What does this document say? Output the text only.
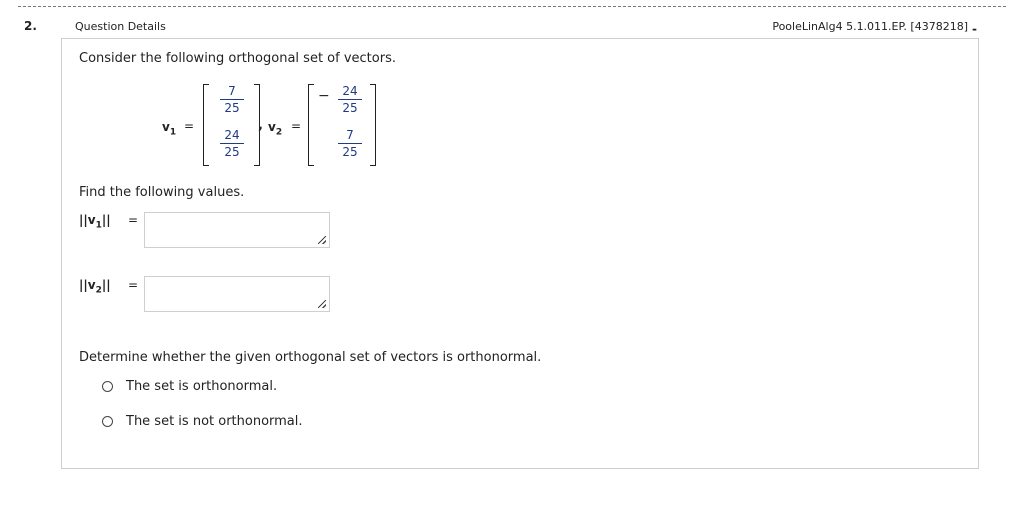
2.	Question Details	PooleLinAlg4 5.1.011.EP. [4378218] -
Consider the following orthogonal set of vectors.
$v_1$ =
7
25
24
25
, $v_2$ =
−	24
25
7
25
Find the following values.
$||v_1||$ =
$||v_2||$ =
Determine whether the given orthogonal set of vectors is orthonormal.
The set is orthonormal.
The set is not orthonormal.
